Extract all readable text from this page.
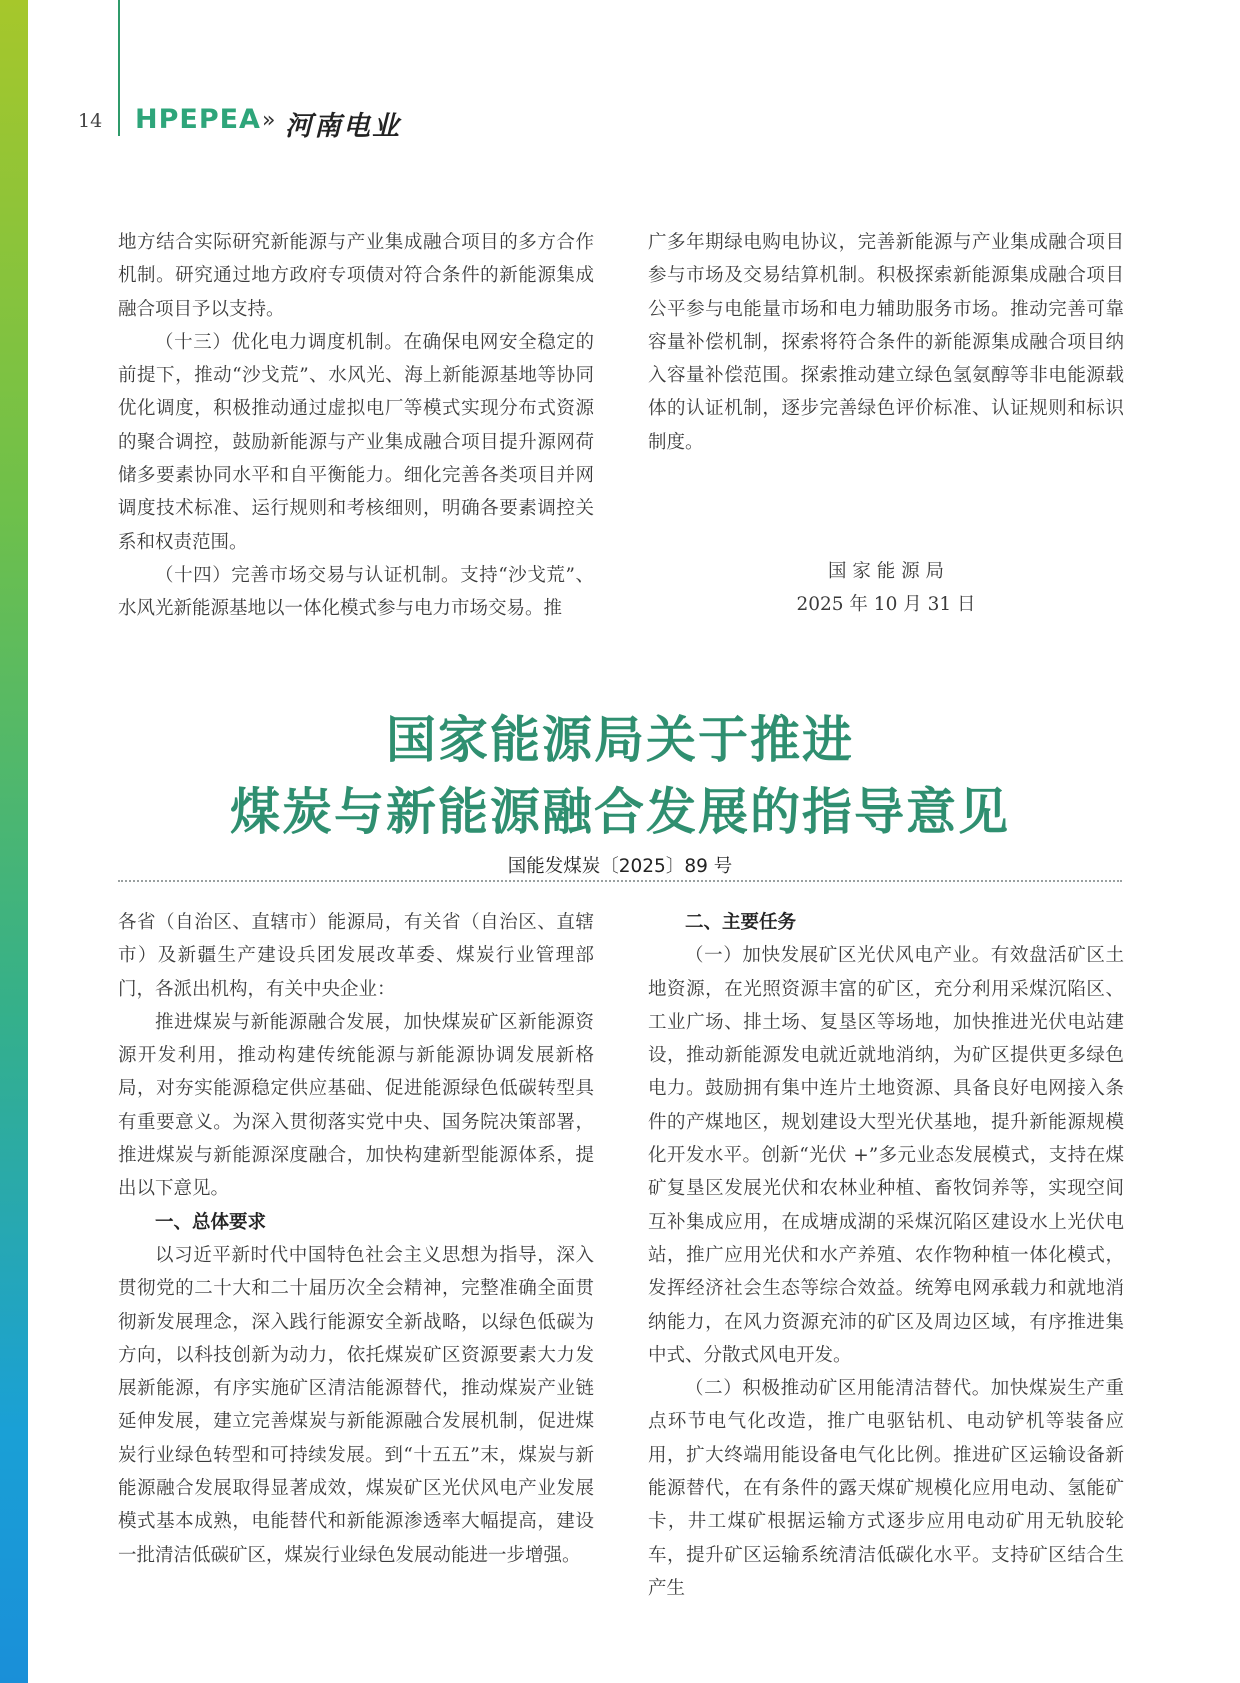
14 HPEPEA » 河南电业

地方结合实际研究新能源与产业集成融合项目的多方合作机制。研究通过地方政府专项债对符合条件的新能源集成融合项目予以支持。

（十三）优化电力调度机制。在确保电网安全稳定的前提下，推动“沙戈荒”、水风光、海上新能源基地等协同优化调度，积极推动通过虚拟电厂等模式实现分布式资源的聚合调控，鼓励新能源与产业集成融合项目提升源网荷储多要素协同水平和自平衡能力。细化完善各类项目并网调度技术标准、运行规则和考核细则，明确各要素调控关系和权责范围。

（十四）完善市场交易与认证机制。支持“沙戈荒”、水风光新能源基地以一体化模式参与电力市场交易。推

广多年期绿电购电协议，完善新能源与产业集成融合项目参与市场及交易结算机制。积极探索新能源集成融合项目公平参与电能量市场和电力辅助服务市场。推动完善可靠容量补偿机制，探索将符合条件的新能源集成融合项目纳入容量补偿范围。探索推动建立绿色氢氨醇等非电能源载体的认证机制，逐步完善绿色评价标准、认证规则和标识制度。

国 家 能 源 局

2025 年 10 月 31 日

国家能源局关于推进
煤炭与新能源融合发展的指导意见
国能发煤炭〔2025〕89 号

各省（自治区、直辖市）能源局，有关省（自治区、直辖市）及新疆生产建设兵团发展改革委、煤炭行业管理部门，各派出机构，有关中央企业：

推进煤炭与新能源融合发展，加快煤炭矿区新能源资源开发利用，推动构建传统能源与新能源协调发展新格局，对夯实能源稳定供应基础、促进能源绿色低碳转型具有重要意义。为深入贯彻落实党中央、国务院决策部署，推进煤炭与新能源深度融合，加快构建新型能源体系，提出以下意见。

一、总体要求

以习近平新时代中国特色社会主义思想为指导，深入贯彻党的二十大和二十届历次全会精神，完整准确全面贯彻新发展理念，深入践行能源安全新战略，以绿色低碳为方向，以科技创新为动力，依托煤炭矿区资源要素大力发展新能源，有序实施矿区清洁能源替代，推动煤炭产业链延伸发展，建立完善煤炭与新能源融合发展机制，促进煤炭行业绿色转型和可持续发展。到“十五五”末，煤炭与新能源融合发展取得显著成效，煤炭矿区光伏风电产业发展模式基本成熟，电能替代和新能源渗透率大幅提高，建设一批清洁低碳矿区，煤炭行业绿色发展动能进一步增强。

二、主要任务

（一）加快发展矿区光伏风电产业。有效盘活矿区土地资源，在光照资源丰富的矿区，充分利用采煤沉陷区、工业广场、排土场、复垦区等场地，加快推进光伏电站建设，推动新能源发电就近就地消纳，为矿区提供更多绿色电力。鼓励拥有集中连片土地资源、具备良好电网接入条件的产煤地区，规划建设大型光伏基地，提升新能源规模化开发水平。创新“光伏 +”多元业态发展模式，支持在煤矿复垦区发展光伏和农林业种植、畜牧饲养等，实现空间互补集成应用，在成塘成湖的采煤沉陷区建设水上光伏电站，推广应用光伏和水产养殖、农作物种植一体化模式，发挥经济社会生态等综合效益。统筹电网承载力和就地消纳能力，在风力资源充沛的矿区及周边区域，有序推进集中式、分散式风电开发。

（二）积极推动矿区用能清洁替代。加快煤炭生产重点环节电气化改造，推广电驱钻机、电动铲机等装备应用，扩大终端用能设备电气化比例。推进矿区运输设备新能源替代，在有条件的露天煤矿规模化应用电动、氢能矿卡，井工煤矿根据运输方式逐步应用电动矿用无轨胶轮车，提升矿区运输系统清洁低碳化水平。支持矿区结合生产生
